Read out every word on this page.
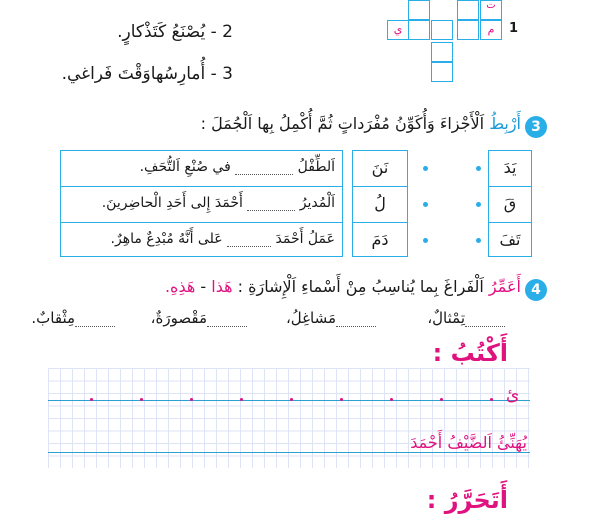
ت
ي	م	1
2 - يُصْنَعُ كَتَذْكارٍ.
3 - أُمارِسُهاوَقْتَ فَراغي.
3
أَرْبِطُ اَلْأَجْزاءَ وَأُكَوِّنُ مُفْرَداتٍ ثُمَّ أُكْمِلُ بِها اَلْجُمَلَ :
اَلطِّفْلُ  في صُنْعِ اَلتُّحَفِ.
اَلْمُديرُ  أَحْمَدَ إِلى أَحَدِ الْحاضِرينَ.
عَمَلُ أَحْمَدَ  عَلى أَنَّهُ مُبْدِعٌ ماهِرٌ.
نَنَ
لُ
دَمَ
يَدَ
قَ
تَفَ
4
أَعَمِّرُ اَلْفَراغَ بِما يُناسِبُ مِنْ أَسْماءِ اَلْإِشارَةِ : هَذا - هَذِهِ.
تِمْثالٌ،
مَشاغِلُ،
مَقْصورَةٌ،
مِثْقابٌ.
أَكْتُبُ :
ئ
يُهَنِّئُ اَلضَّيْفُ أَحْمَدَ
أَتَحَرَّرُ :
